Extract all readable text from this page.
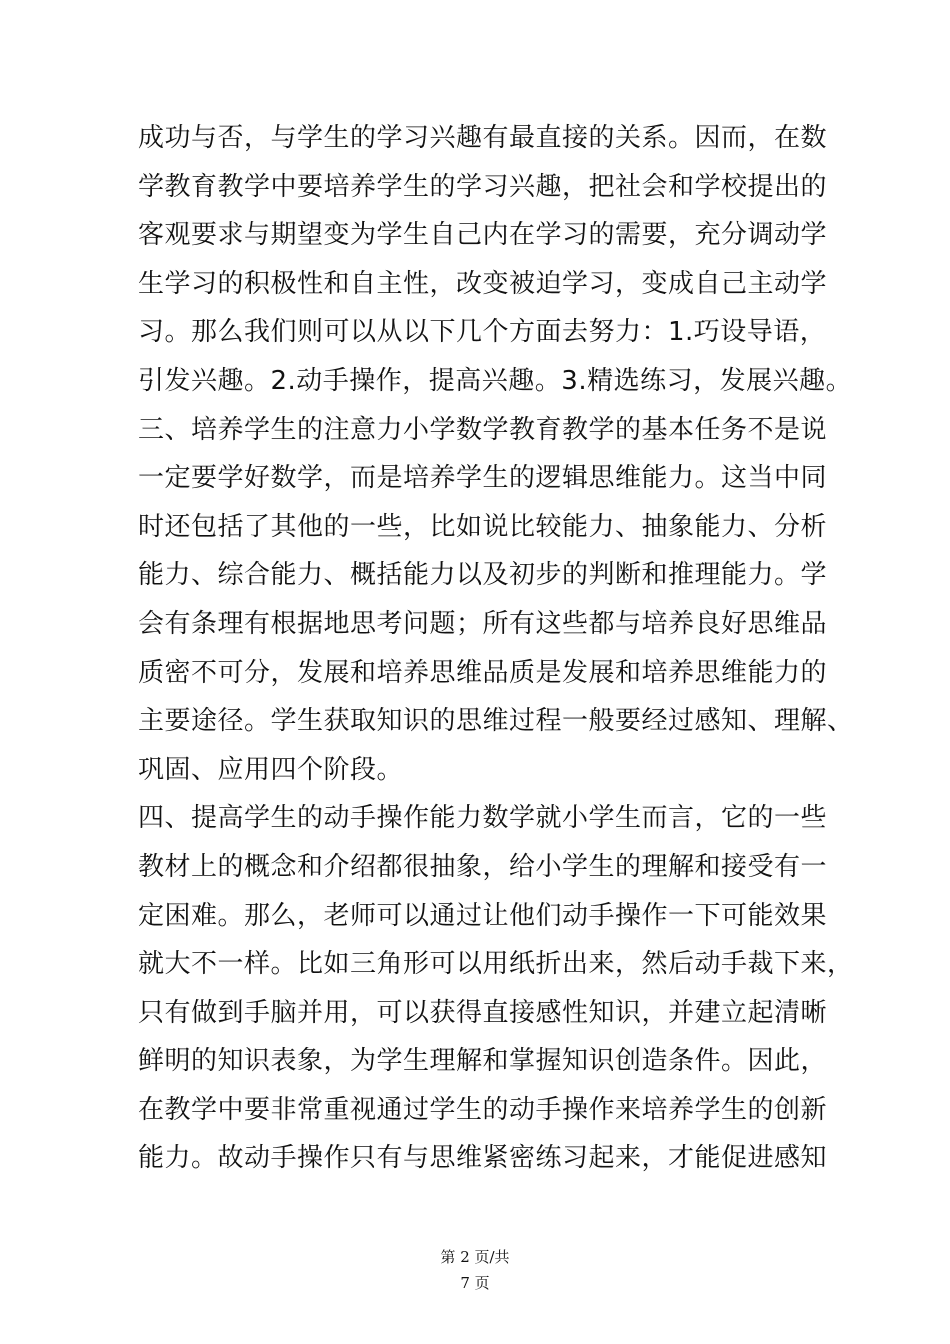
成功与否，与学生的学习兴趣有最直接的关系。因而，在数
学教育教学中要培养学生的学习兴趣，把社会和学校提出的
客观要求与期望变为学生自己内在学习的需要，充分调动学
生学习的积极性和自主性，改变被迫学习，变成自己主动学
习。那么我们则可以从以下几个方面去努力：1.巧设导语，
引发兴趣。2.动手操作，提高兴趣。3.精选练习，发展兴趣。
三、培养学生的注意力小学数学教育教学的基本任务不是说
一定要学好数学，而是培养学生的逻辑思维能力。这当中同
时还包括了其他的一些，比如说比较能力、抽象能力、分析
能力、综合能力、概括能力以及初步的判断和推理能力。学
会有条理有根据地思考问题；所有这些都与培养良好思维品
质密不可分，发展和培养思维品质是发展和培养思维能力的
主要途径。学生获取知识的思维过程一般要经过感知、理解、
巩固、应用四个阶段。
四、提高学生的动手操作能力数学就小学生而言，它的一些
教材上的概念和介绍都很抽象，给小学生的理解和接受有一
定困难。那么，老师可以通过让他们动手操作一下可能效果
就大不一样。比如三角形可以用纸折出来，然后动手裁下来，
只有做到手脑并用，可以获得直接感性知识，并建立起清晰
鲜明的知识表象，为学生理解和掌握知识创造条件。因此，
在教学中要非常重视通过学生的动手操作来培养学生的创新
能力。故动手操作只有与思维紧密练习起来，才能促进感知
第 2 页/共
7 页
